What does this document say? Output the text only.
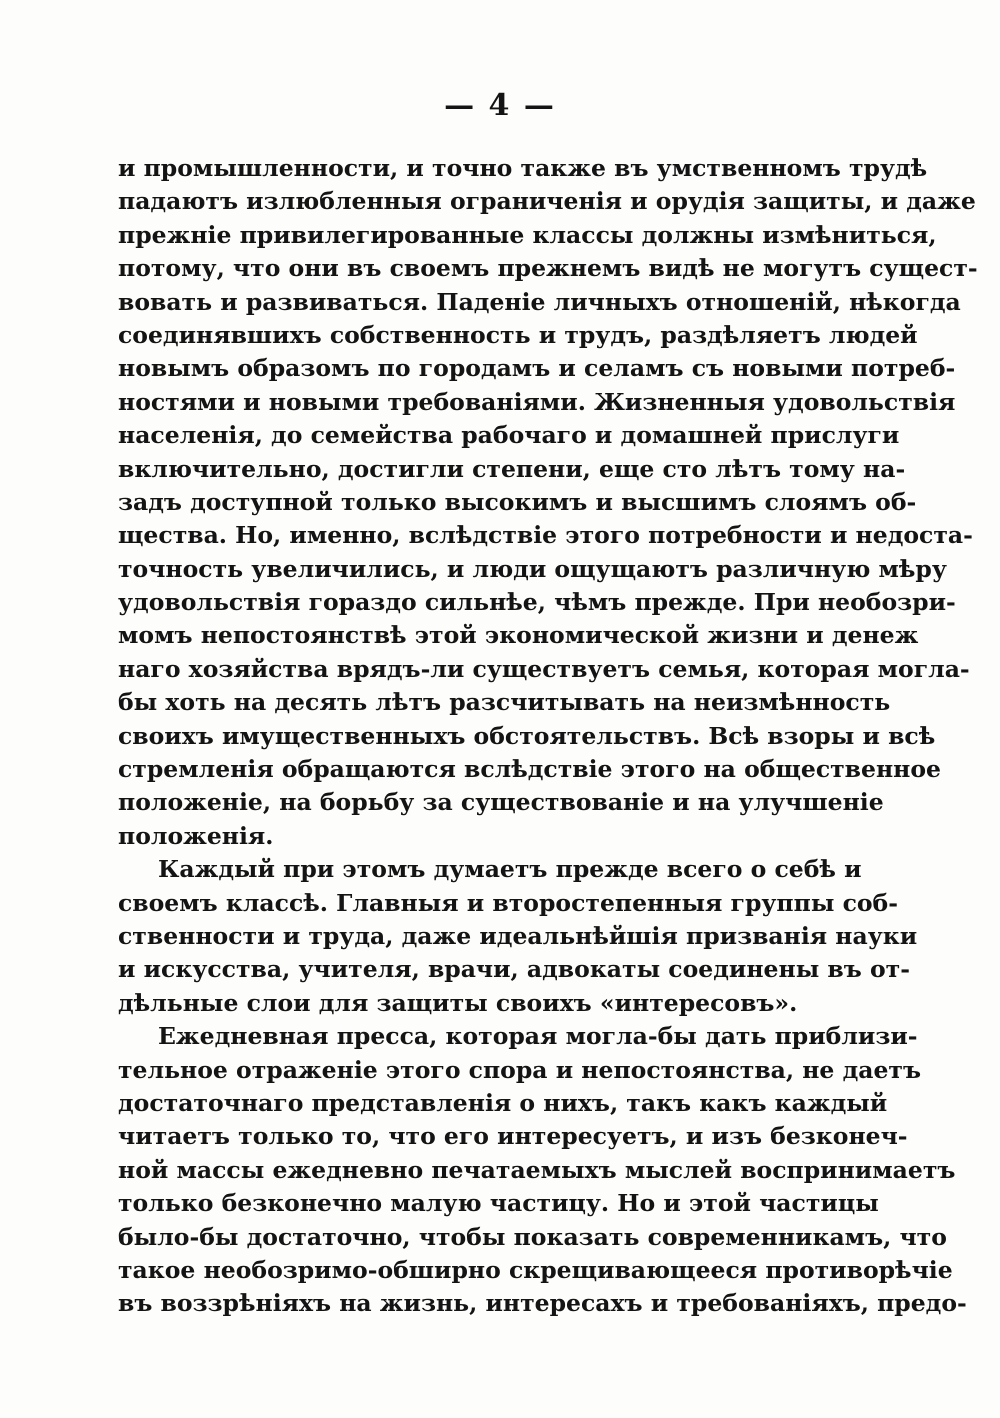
— 4 —
и промышленности, и точно также въ умственномъ трудѣ
падаютъ излюбленныя ограниченія и орудія защиты, и даже
прежніе привилегированные классы должны измѣниться,
потому, что они въ своемъ прежнемъ видѣ не могутъ сущест-
вовать и развиваться. Паденіе личныхъ отношеній, нѣкогда
соединявшихъ собственность и трудъ, раздѣляетъ людей
новымъ образомъ по городамъ и селамъ съ новыми потреб-
ностями и новыми требованіями. Жизненныя удовольствія
населенія, до семейства рабочаго и домашней прислуги
включительно, достигли степени, еще сто лѣтъ тому на-
задъ доступной только высокимъ и высшимъ слоямъ об-
щества. Но, именно, вслѣдствіе этого потребности и недоста-
точность увеличились, и люди ощущаютъ различную мѣру
удовольствія гораздо сильнѣе, чѣмъ прежде. При необозри-
момъ непостоянствѣ этой экономической жизни и денеж
наго хозяйства врядъ-ли существуетъ семья, которая могла-
бы хоть на десять лѣтъ разсчитывать на неизмѣнность
своихъ имущественныхъ обстоятельствъ. Всѣ взоры и всѣ
стремленія обращаются вслѣдствіе этого на общественное
положеніе, на борьбу за существованіе и на улучшеніе
положенія.
Каждый при этомъ думаетъ прежде всего о себѣ и
своемъ классѣ. Главныя и второстепенныя группы соб-
ственности и труда, даже идеальнѣйшія призванія науки
и искусства, учителя, врачи, адвокаты соединены въ от-
дѣльные слои для защиты своихъ «интересовъ».
Ежедневная пресса, которая могла-бы дать приблизи-
тельное отраженіе этого спора и непостоянства, не даетъ
достаточнаго представленія о нихъ, такъ какъ каждый
читаетъ только то, что его интересуетъ, и изъ безконеч-
ной массы ежедневно печатаемыхъ мыслей воспринимаетъ
только безконечно малую частицу. Но и этой частицы
было-бы достаточно, чтобы показать современникамъ, что
такое необозримо-обширно скрещивающееся противорѣчіе
въ воззрѣніяхъ на жизнь, интересахъ и требованіяхъ, предо-
